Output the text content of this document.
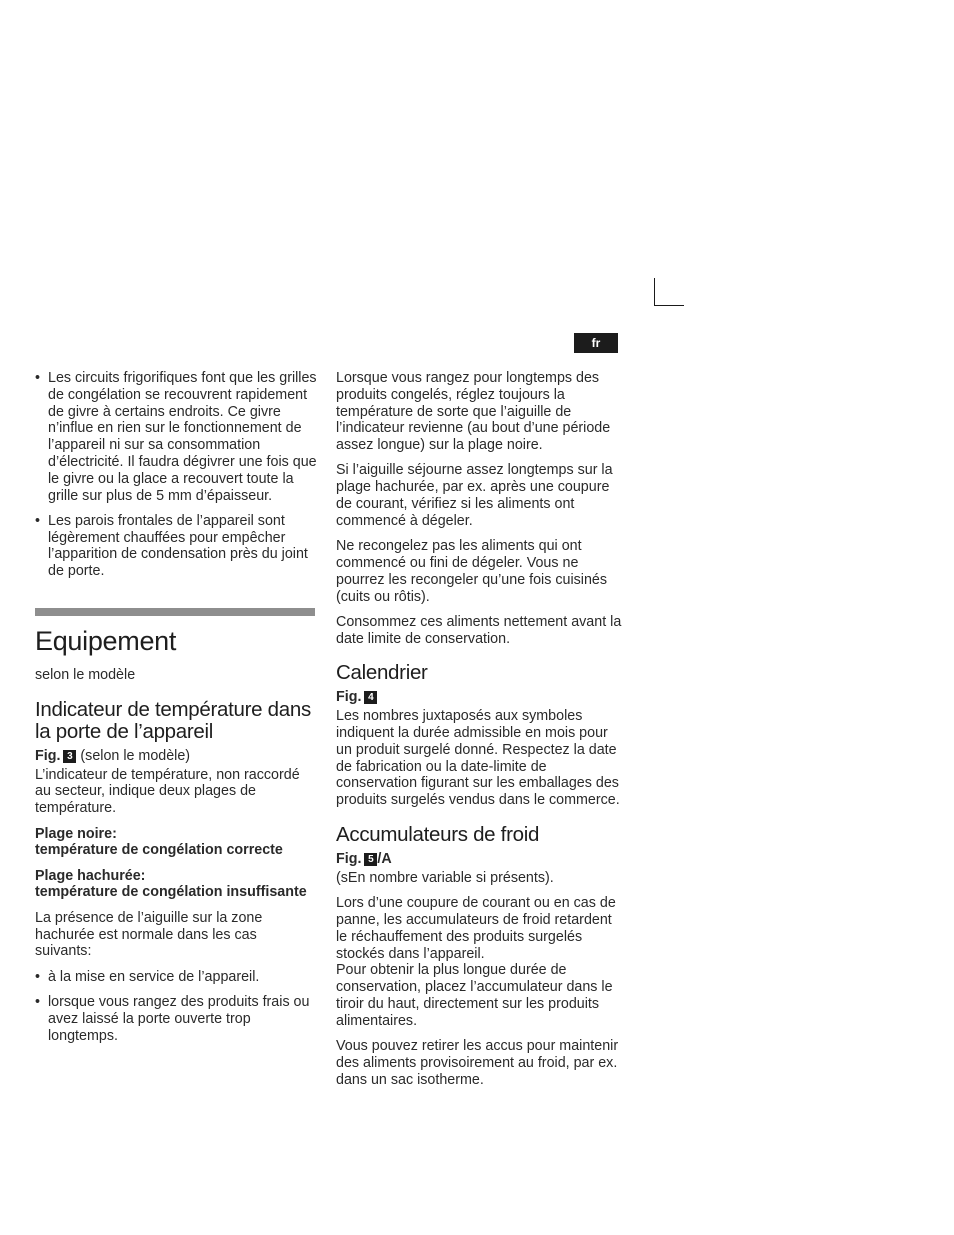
fr
• Les circuits frigorifiques font que les grilles de congélation se recouvrent rapidement de givre à certains endroits. Ce givre n’influe en rien sur le fonctionnement de l’appareil ni sur sa consommation d’électricité. Il faudra dégivrer une fois que le givre ou la glace a recouvert toute la grille sur plus de 5 mm d’épaisseur.
• Les parois frontales de l’appareil sont légèrement chauffées pour empêcher l’apparition de condensation près du joint de porte.
Equipement

selon le modèle

Indicateur de température dans la porte de l’appareil
Fig. 3 (selon le modèle)

L’indicateur de température, non raccordé au secteur, indique deux plages de température.

Plage noire:
température de congélation correcte

Plage hachurée:
température de congélation insuffisante

La présence de l’aiguille sur la zone hachurée est normale dans les cas suivants:

• à la mise en service de l’appareil.
• lorsque vous rangez des produits frais ou avez laissé la porte ouverte trop longtemps.

Lorsque vous rangez pour longtemps des produits congelés, réglez toujours la température de sorte que l’aiguille de l’indicateur revienne (au bout d’une période assez longue) sur la plage noire.

Si l’aiguille séjourne assez longtemps sur la plage hachurée, par ex. après une coupure de courant, vérifiez si les aliments ont commencé à dégeler.

Ne recongelez pas les aliments qui ont commencé ou fini de dégeler. Vous ne pourrez les recongeler qu’une fois cuisinés (cuits ou rôtis).

Consommez ces aliments nettement avant la date limite de conservation.

Calendrier
Fig. 4

Les nombres juxtaposés aux symboles indiquent la durée admissible en mois pour un produit surgelé donné. Respectez la date de fabrication ou la date-limite de conservation figurant sur les emballages des produits surgelés vendus dans le commerce.

Accumulateurs de froid
Fig. 5 /A

(sEn nombre variable si présents).

Lors d’une coupure de courant ou en cas de panne, les accumulateurs de froid retardent le réchauffement des produits surgelés stockés dans l’appareil.

Pour obtenir la plus longue durée de conservation, placez l’accumulateur dans le tiroir du haut, directement sur les produits alimentaires.

Vous pouvez retirer les accus pour maintenir des aliments provisoirement au froid, par ex. dans un sac isotherme.
